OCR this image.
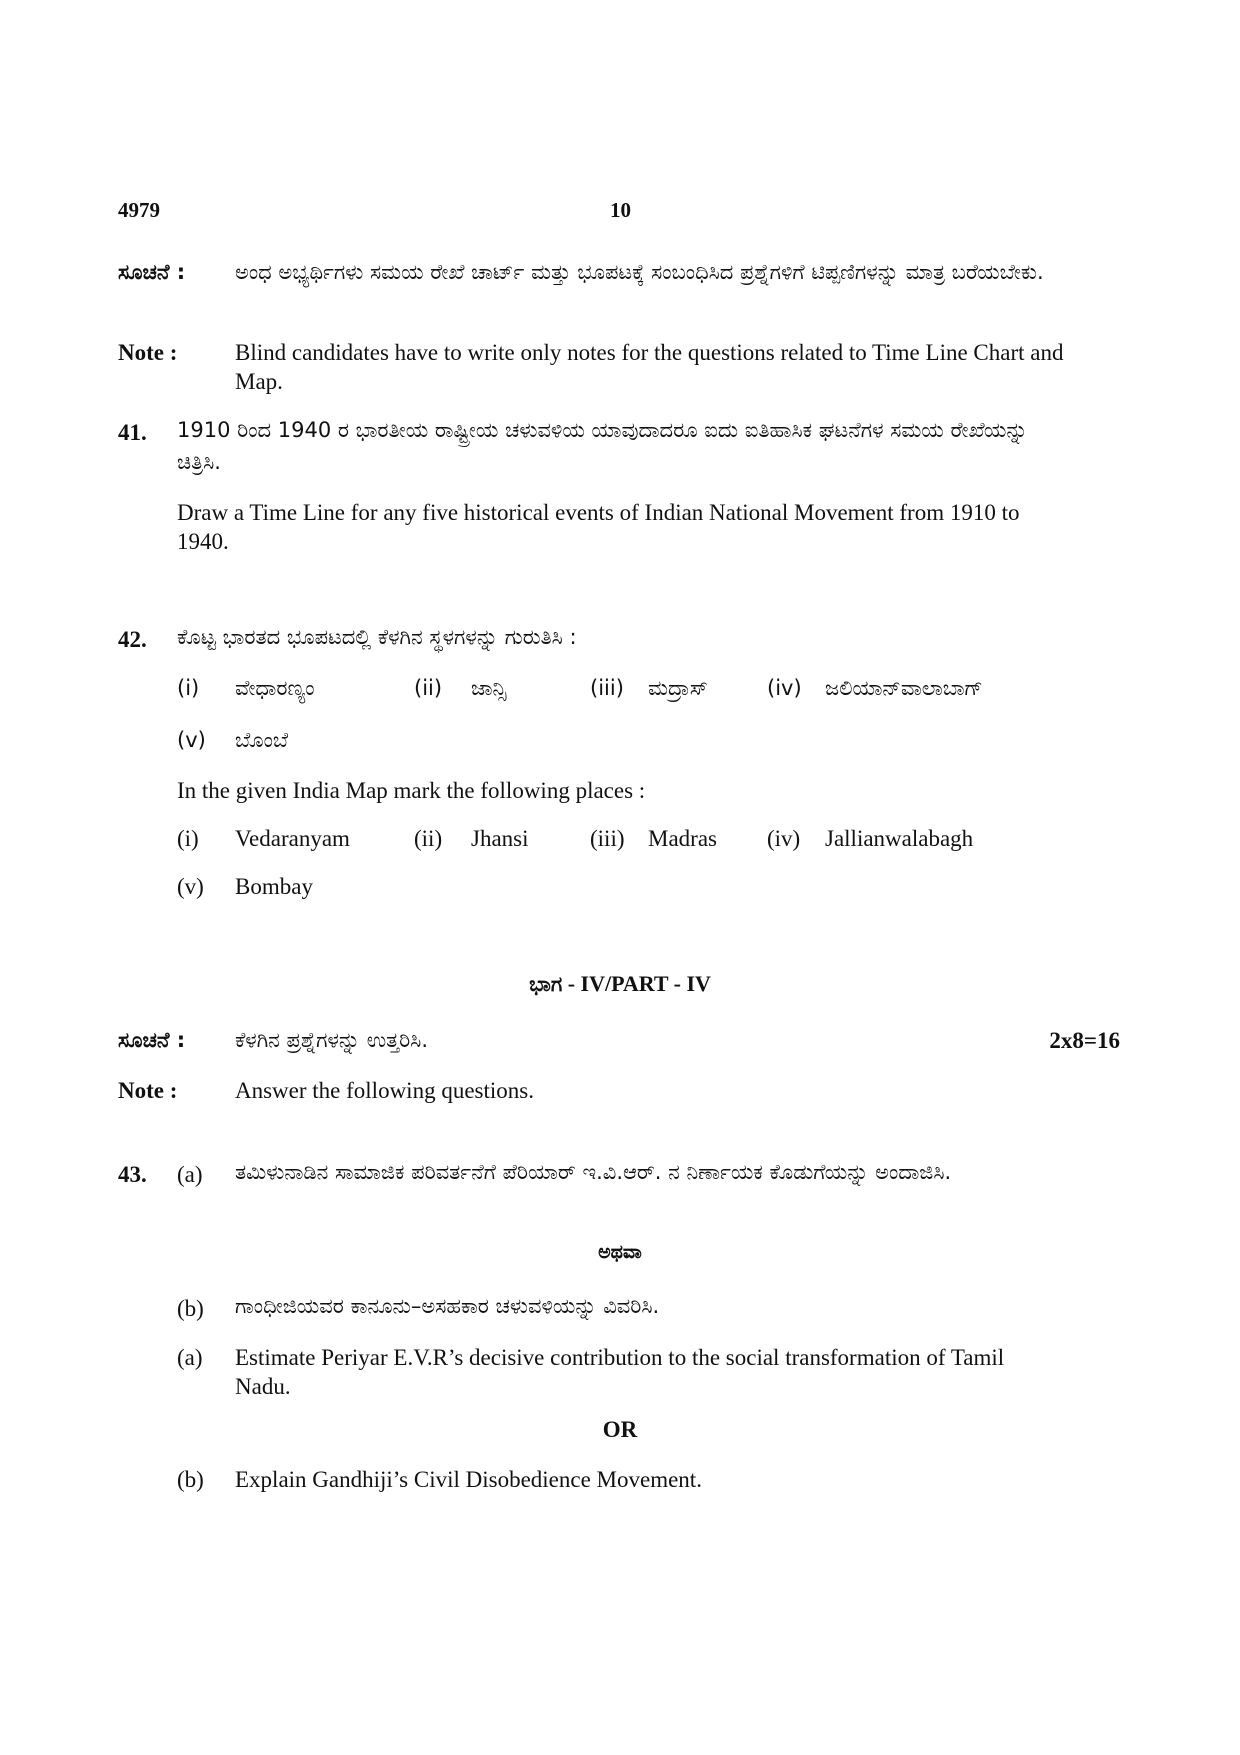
4979	10
ಸೂಚನೆ : ಅಂಧ ಅಭ್ಯರ್ಥಿಗಳು ಸಮಯ ರೇಖೆ ಚಾರ್ಟ್ ಮತ್ತು ಭೂಪಟಕ್ಕೆ ಸಂಬಂಧಿಸಿದ ಪ್ರಶ್ನೆಗಳಿಗೆ ಟಿಪ್ಪಣಿಗಳನ್ನು ಮಾತ್ರ ಬರೆಯಬೇಕು.
Note :	Blind candidates have to write only notes for the questions related to Time Line Chart and Map.
41. 1910 ರಿಂದ 1940 ರ ಭಾರತೀಯ ರಾಷ್ಟ್ರೀಯ ಚಳುವಳಿಯ ಯಾವುದಾದರೂ ಐದು ಐತಿಹಾಸಿಕ ಘಟನೆಗಳ ಸಮಯ ರೇಖೆಯನ್ನು ಚಿತ್ರಿಸಿ.
Draw a Time Line for any five historical events of Indian National Movement from 1910 to 1940.
42. ಕೊಟ್ಟ ಭಾರತದ ಭೂಪಟದಲ್ಲಿ ಕೆಳಗಿನ ಸ್ಥಳಗಳನ್ನು ಗುರುತಿಸಿ :
(i) ವೇಧಾರಣ್ಯಂ	(ii) ಜಾನ್ಸಿ	(iii) ಮದ್ರಾಸ್	(iv) ಜಲಿಯಾನ್‌ವಾಲಾಬಾಗ್
(v) ಬೊಂಬೆ
In the given India Map mark the following places :
(i) Vedaranyam	(ii) Jhansi	(iii) Madras (iv) Jallianwalabagh
(v) Bombay
ಭಾಗ - IV/PART - IV
ಸೂಚನೆ : ಕೆಳಗಿನ ಪ್ರಶ್ನೆಗಳನ್ನು ಉತ್ತರಿಸಿ.	2x8=16
Note :	Answer the following questions.
43. (a) ತಮಿಳುನಾಡಿನ ಸಾಮಾಜಿಕ ಪರಿವರ್ತನೆಗೆ ಪೆರಿಯಾರ್ ಇ.ವಿ.ಆರ್. ನ ನಿರ್ಣಾಯಕ ಕೊಡುಗೆಯನ್ನು ಅಂದಾಜಿಸಿ.
ಅಥವಾ
(b) ಗಾಂಧೀಜಿಯವರ ಕಾನೂನು–ಅಸಹಕಾರ ಚಳುವಳಿಯನ್ನು ವಿವರಿಸಿ.
(a) Estimate Periyar E.V.R’s decisive contribution to the social transformation of Tamil Nadu.
OR
(b) Explain Gandhiji’s Civil Disobedience Movement.
